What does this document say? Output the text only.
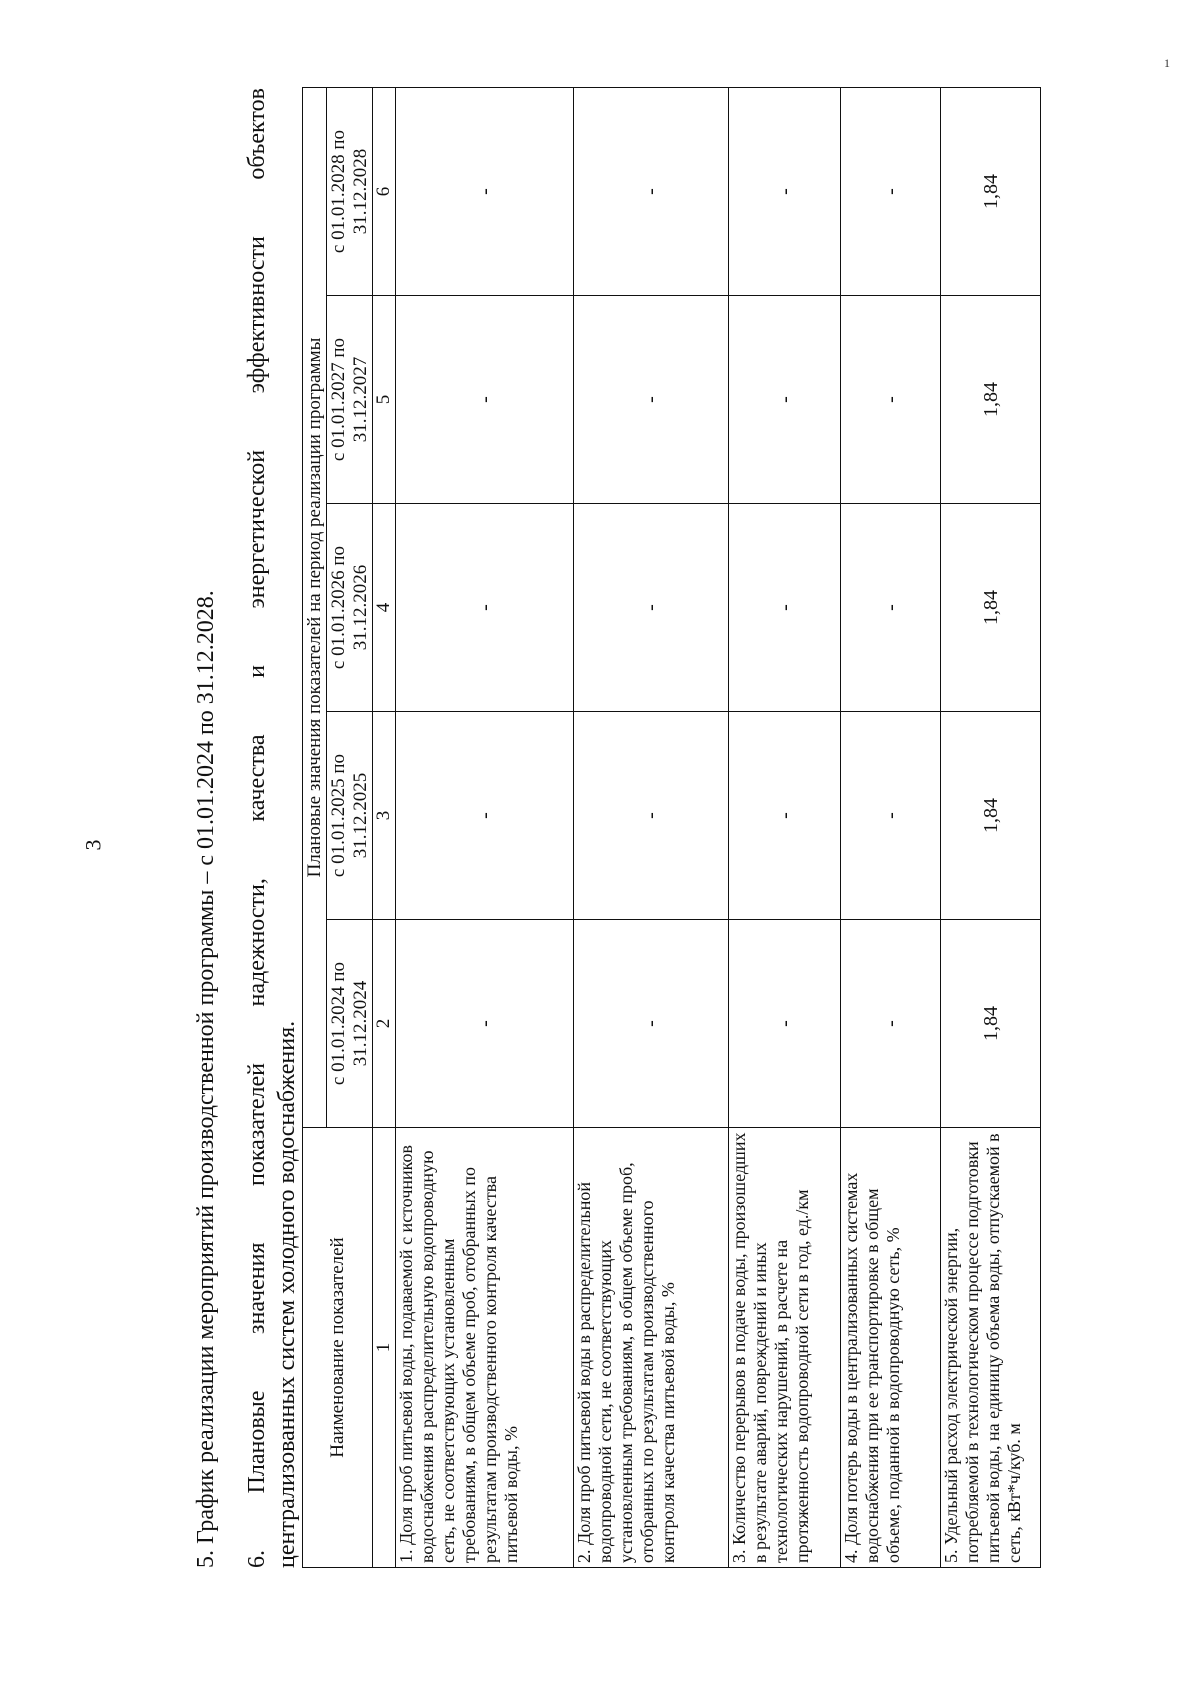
3
1
5. График реализации мероприятий производственной программы – с 01.01.2024 по 31.12.2028. 6.
Плановые
значения
показателей
надежности,
качества
и
энергетической
эффективности
объектов
централизованных систем холодного водоснабжения. Наименование показателей	Плановые значения показателей на период реализации программы				
	с 01.01.2024 по 31.12.2024	с 01.01.2025 по 31.12.2025	с 01.01.2026 по 31.12.2026	с 01.01.2027 по 31.12.2027	с 01.01.2028 по 31.12.2028
1	2	3	4	5	6
1. Доля проб питьевой воды, подаваемой с источников водоснабжения в распределительную водопроводную сеть, не соответствующих установленным требованиям, в общем объеме проб, отобранных по результатам производственного контроля качества питьевой воды, %	-	-	-	-	-
2. Доля проб питьевой воды в распределительной водопроводной сети, не соответствующих установленным требованиям, в общем объеме проб, отобранных по результатам производственного контроля качества питьевой воды, %	-	-	-	-	-
3. Количество перерывов в подаче воды, произошедших в результате аварий, повреждений и иных технологических нарушений, в расчете на протяженность водопроводной сети в год, ед./км	-	-	-	-	-
4. Доля потерь воды в централизованных системах водоснабжения при ее транспортировке в общем объеме, поданной в водопроводную сеть, %	-	-	-	-	-
5. Удельный расход электрической энергии, потребляемой в технологическом процессе подготовки питьевой воды, на единицу объема воды, отпускаемой в сеть, кВт*ч/куб. м	1,84	1,84	1,84	1,84	1,84
